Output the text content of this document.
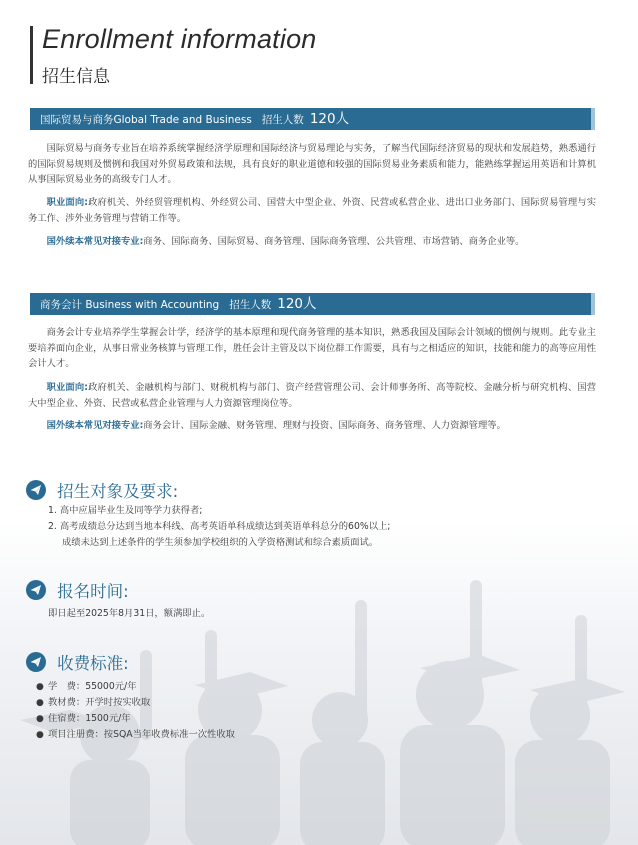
Enrollment information
招生信息
国际贸易与商务Global Trade and Business 招生人数 120人

国际贸易与商务专业旨在培养系统掌握经济学原理和国际经济与贸易理论与实务，了解当代国际经济贸易的现状和发展趋势，熟悉通行的国际贸易规则及惯例和我国对外贸易政策和法规，具有良好的职业道德和较强的国际贸易业务素质和能力，能熟练掌握运用英语和计算机从事国际贸易业务的高级专门人才。

职业面向:政府机关、外经贸管理机构、外经贸公司、国营大中型企业、外资、民营或私营企业、进出口业务部门、国际贸易管理与实务工作、涉外业务管理与营销工作等。

国外续本常见对接专业:商务、国际商务、国际贸易、商务管理、国际商务管理、公共管理、市场营销、商务企业等。

商务会计 Business with Accounting 招生人数 120人

商务会计专业培养学生掌握会计学，经济学的基本原理和现代商务管理的基本知识，熟悉我国及国际会计领域的惯例与规则。此专业主要培养面向企业，从事日常业务核算与管理工作，胜任会计主管及以下岗位群工作需要，具有与之相适应的知识，技能和能力的高等应用性会计人才。

职业面向:政府机关、金融机构与部门、财税机构与部门、资产经营管理公司、会计师事务所、高等院校、金融分析与研究机构、国营大中型企业、外资、民营或私营企业管理与人力资源管理岗位等。

国外续本常见对接专业:商务会计、国际金融、财务管理、理财与投资、国际商务、商务管理、人力资源管理等。

招生对象及要求:
1. 高中应届毕业生及同等学力获得者;
2. 高考成绩总分达到当地本科线、高考英语单科成绩达到英语单科总分的60%以上;
成绩未达到上述条件的学生须参加学校组织的入学资格测试和综合素质面试。
报名时间:
即日起至2025年8月31日，额满即止。
收费标准:
● 学　费：55000元/年
● 教材费：开学时按实收取
● 住宿费：1500元/年
● 项目注册费：按SQA当年收费标准一次性收取
